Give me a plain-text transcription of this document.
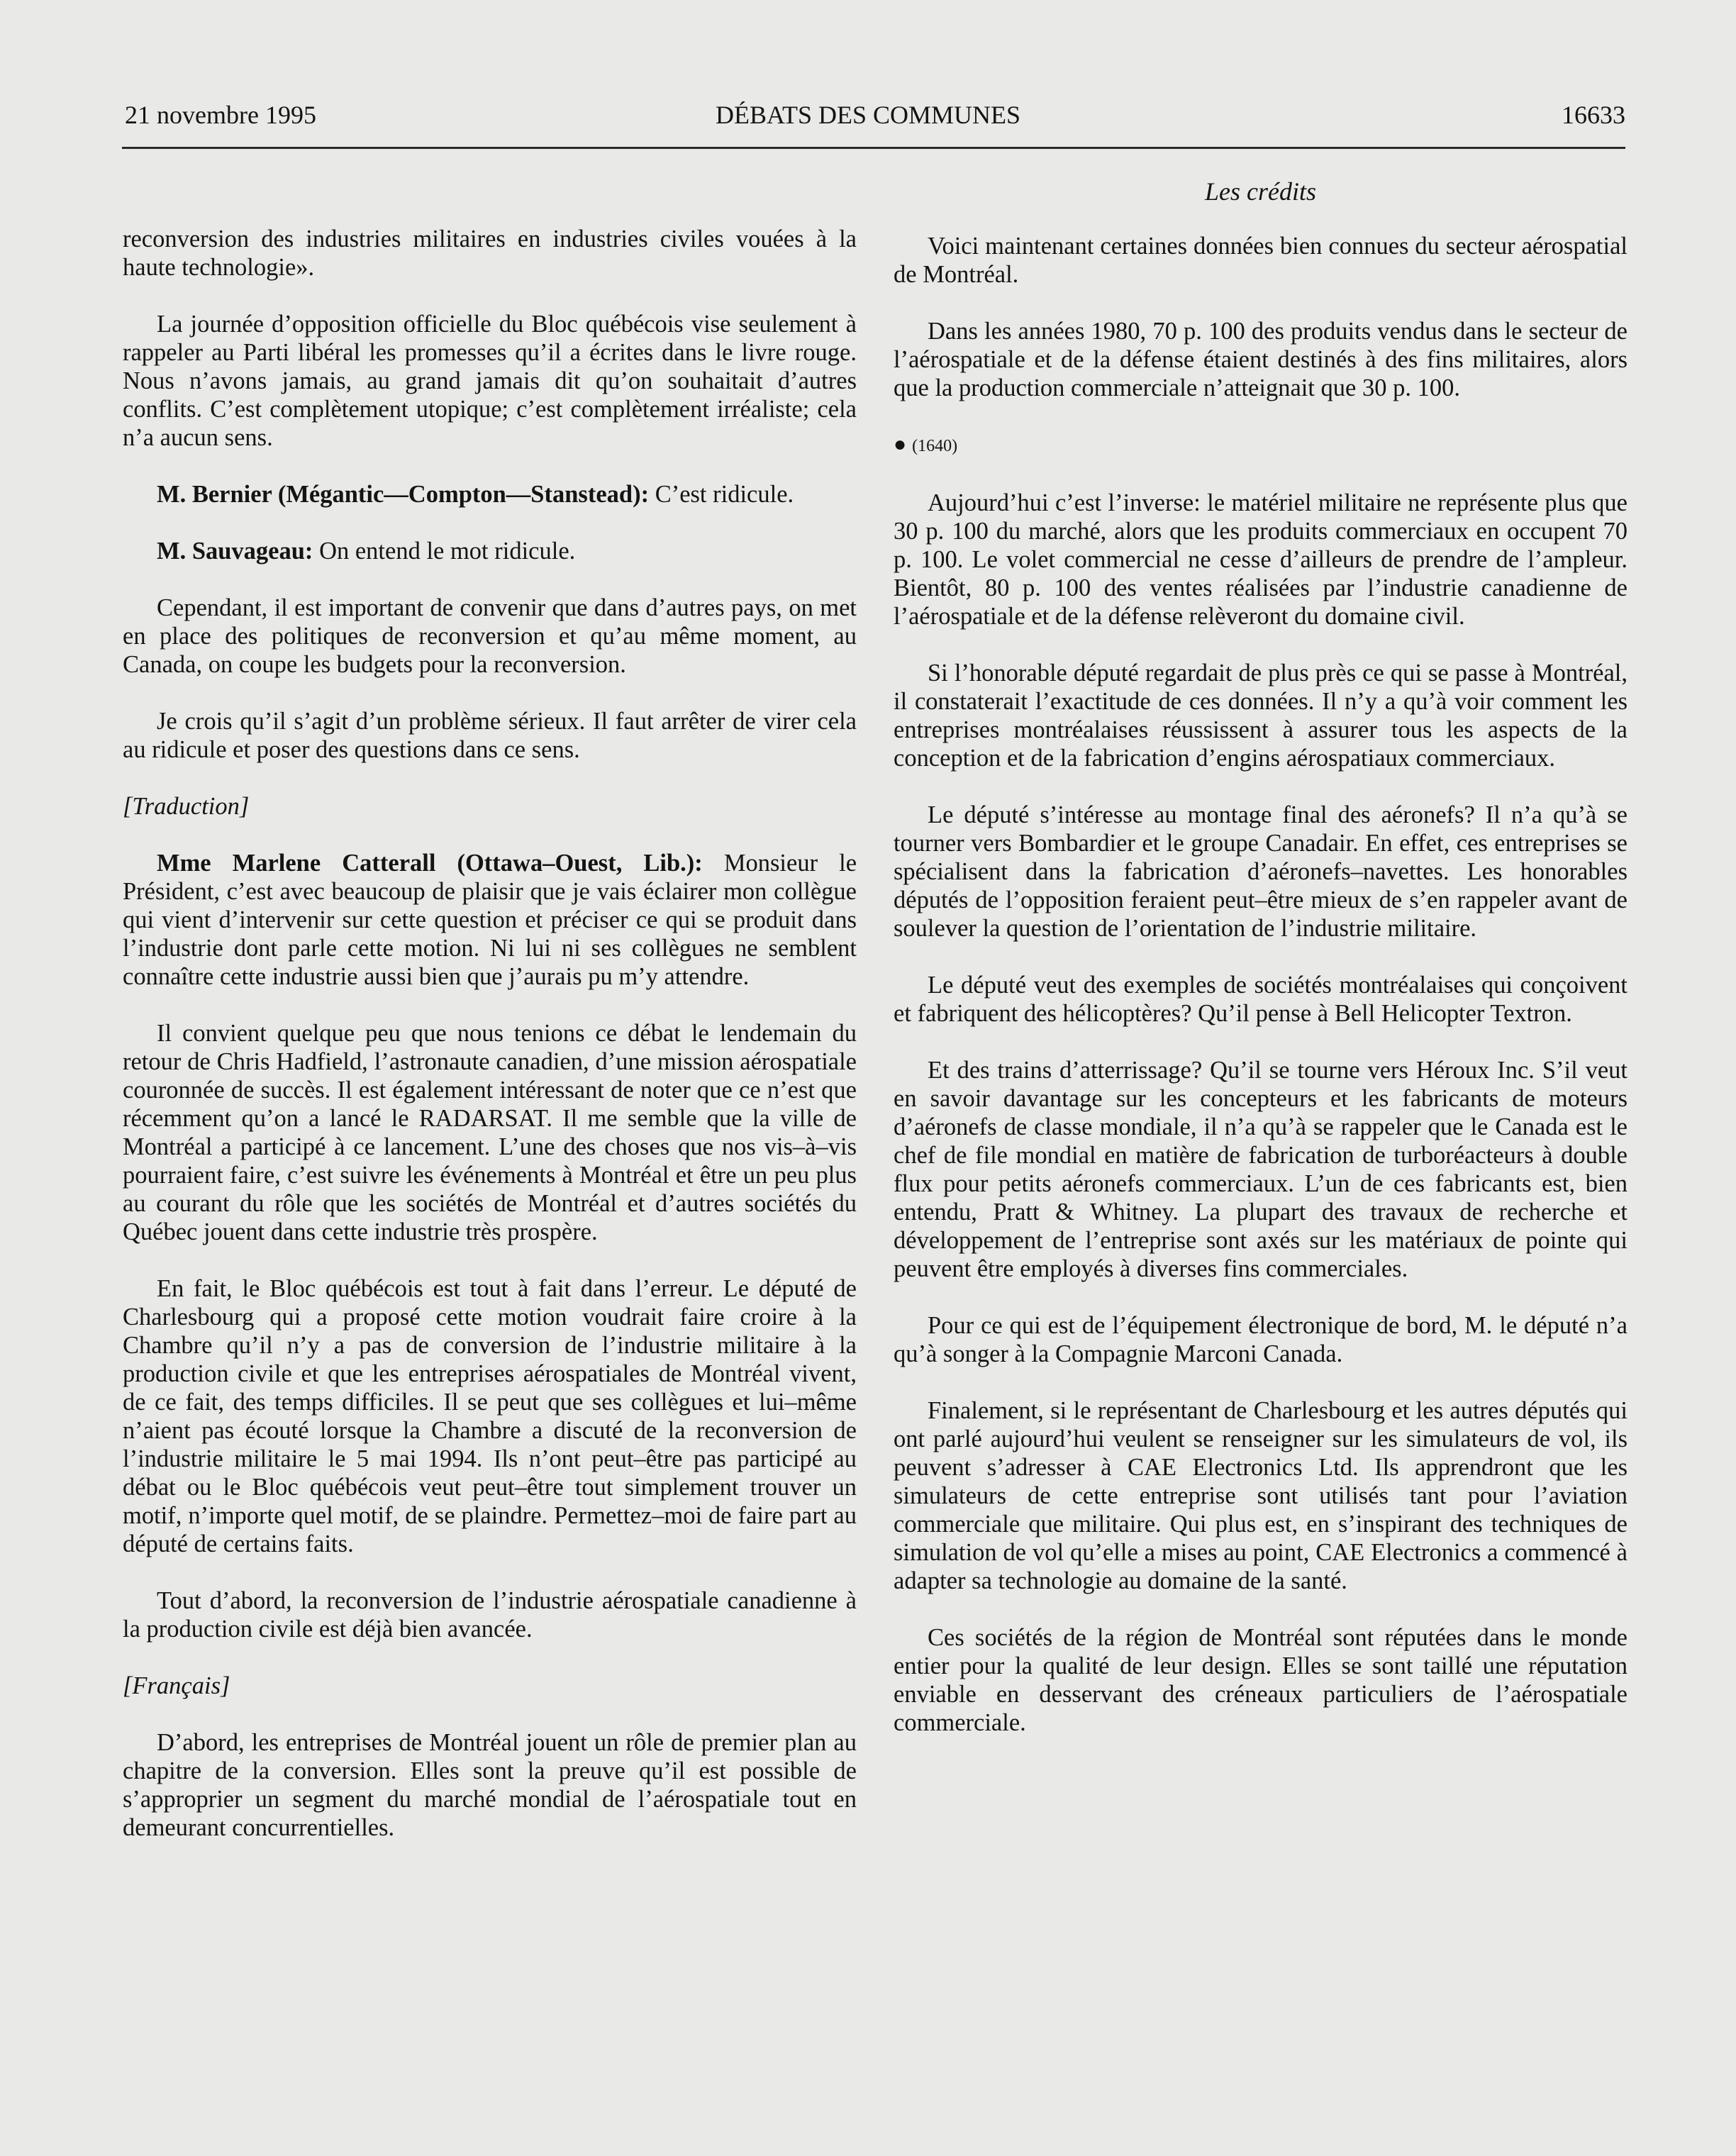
21 novembre 1995	DÉBATS DES COMMUNES	16633
Les crédits

reconversion des industries militaires en industries civiles vouées à la haute technologie».

La journée d’opposition officielle du Bloc québécois vise seulement à rappeler au Parti libéral les promesses qu’il a écrites dans le livre rouge. Nous n’avons jamais, au grand jamais dit qu’on souhaitait d’autres conflits. C’est complètement utopique; c’est complètement irréaliste; cela n’a aucun sens.

M. Bernier (Mégantic—Compton—Stanstead): C’est ridicule.

M. Sauvageau: On entend le mot ridicule.

Cependant, il est important de convenir que dans d’autres pays, on met en place des politiques de reconversion et qu’au même moment, au Canada, on coupe les budgets pour la reconversion.

Je crois qu’il s’agit d’un problème sérieux. Il faut arrêter de virer cela au ridicule et poser des questions dans ce sens.

[Traduction]

Mme Marlene Catterall (Ottawa–Ouest, Lib.): Monsieur le Président, c’est avec beaucoup de plaisir que je vais éclairer mon collègue qui vient d’intervenir sur cette question et préciser ce qui se produit dans l’industrie dont parle cette motion. Ni lui ni ses collègues ne semblent connaître cette industrie aussi bien que j’aurais pu m’y attendre.

Il convient quelque peu que nous tenions ce débat le lendemain du retour de Chris Hadfield, l’astronaute canadien, d’une mission aérospatiale couronnée de succès. Il est également intéressant de noter que ce n’est que récemment qu’on a lancé le RADARSAT. Il me semble que la ville de Montréal a participé à ce lancement. L’une des choses que nos vis–à–vis pourraient faire, c’est suivre les événements à Montréal et être un peu plus au courant du rôle que les sociétés de Montréal et d’autres sociétés du Québec jouent dans cette industrie très prospère.

En fait, le Bloc québécois est tout à fait dans l’erreur. Le député de Charlesbourg qui a proposé cette motion voudrait faire croire à la Chambre qu’il n’y a pas de conversion de l’industrie militaire à la production civile et que les entreprises aérospatiales de Montréal vivent, de ce fait, des temps difficiles. Il se peut que ses collègues et lui–même n’aient pas écouté lorsque la Chambre a discuté de la reconversion de l’industrie militaire le 5 mai 1994. Ils n’ont peut–être pas participé au débat ou le Bloc québécois veut peut–être tout simplement trouver un motif, n’importe quel motif, de se plaindre. Permettez–moi de faire part au député de certains faits.

Tout d’abord, la reconversion de l’industrie aérospatiale canadienne à la production civile est déjà bien avancée.

[Français]

D’abord, les entreprises de Montréal jouent un rôle de premier plan au chapitre de la conversion. Elles sont la preuve qu’il est possible de s’approprier un segment du marché mondial de l’aérospatiale tout en demeurant concurrentielles.

Voici maintenant certaines données bien connues du secteur aérospatial de Montréal.

Dans les années 1980, 70 p. 100 des produits vendus dans le secteur de l’aérospatiale et de la défense étaient destinés à des fins militaires, alors que la production commerciale n’atteignait que 30 p. 100.

● (1640)

Aujourd’hui c’est l’inverse: le matériel militaire ne représente plus que 30 p. 100 du marché, alors que les produits commerciaux en occupent 70 p. 100. Le volet commercial ne cesse d’ailleurs de prendre de l’ampleur. Bientôt, 80 p. 100 des ventes réalisées par l’industrie canadienne de l’aérospatiale et de la défense relèveront du domaine civil.

Si l’honorable député regardait de plus près ce qui se passe à Montréal, il constaterait l’exactitude de ces données. Il n’y a qu’à voir comment les entreprises montréalaises réussissent à assurer tous les aspects de la conception et de la fabrication d’engins aérospatiaux commerciaux.

Le député s’intéresse au montage final des aéronefs? Il n’a qu’à se tourner vers Bombardier et le groupe Canadair. En effet, ces entreprises se spécialisent dans la fabrication d’aéronefs–navettes. Les honorables députés de l’opposition feraient peut–être mieux de s’en rappeler avant de soulever la question de l’orientation de l’industrie militaire.

Le député veut des exemples de sociétés montréalaises qui conçoivent et fabriquent des hélicoptères? Qu’il pense à Bell Helicopter Textron.

Et des trains d’atterrissage? Qu’il se tourne vers Héroux Inc. S’il veut en savoir davantage sur les concepteurs et les fabricants de moteurs d’aéronefs de classe mondiale, il n’a qu’à se rappeler que le Canada est le chef de file mondial en matière de fabrication de turboréacteurs à double flux pour petits aéronefs commerciaux. L’un de ces fabricants est, bien entendu, Pratt & Whitney. La plupart des travaux de recherche et développement de l’entreprise sont axés sur les matériaux de pointe qui peuvent être employés à diverses fins commerciales.

Pour ce qui est de l’équipement électronique de bord, M. le député n’a qu’à songer à la Compagnie Marconi Canada.

Finalement, si le représentant de Charlesbourg et les autres députés qui ont parlé aujourd’hui veulent se renseigner sur les simulateurs de vol, ils peuvent s’adresser à CAE Electronics Ltd. Ils apprendront que les simulateurs de cette entreprise sont utilisés tant pour l’aviation commerciale que militaire. Qui plus est, en s’inspirant des techniques de simulation de vol qu’elle a mises au point, CAE Electronics a commencé à adapter sa technologie au domaine de la santé.

Ces sociétés de la région de Montréal sont réputées dans le monde entier pour la qualité de leur design. Elles se sont taillé une réputation enviable en desservant des créneaux particuliers de l’aérospatiale commerciale.
